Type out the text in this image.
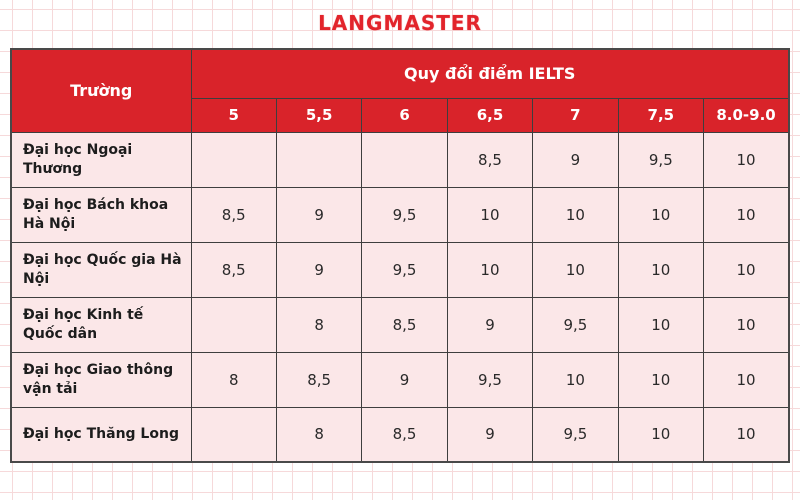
LANGMASTER
Trường	Quy đổi điểm IELTS						
	5	5,5	6	6,5	7	7,5	8.0-9.0
Đại học Ngoại Thương				8,5	9	9,5	10
Đại học Bách khoa Hà Nội	8,5	9	9,5	10	10	10	10
Đại học Quốc gia Hà Nội	8,5	9	9,5	10	10	10	10
Đại học Kinh tế Quốc dân		8	8,5	9	9,5	10	10
Đại học Giao thông vận tải	8	8,5	9	9,5	10	10	10
Đại học Thăng Long		8	8,5	9	9,5	10	10
